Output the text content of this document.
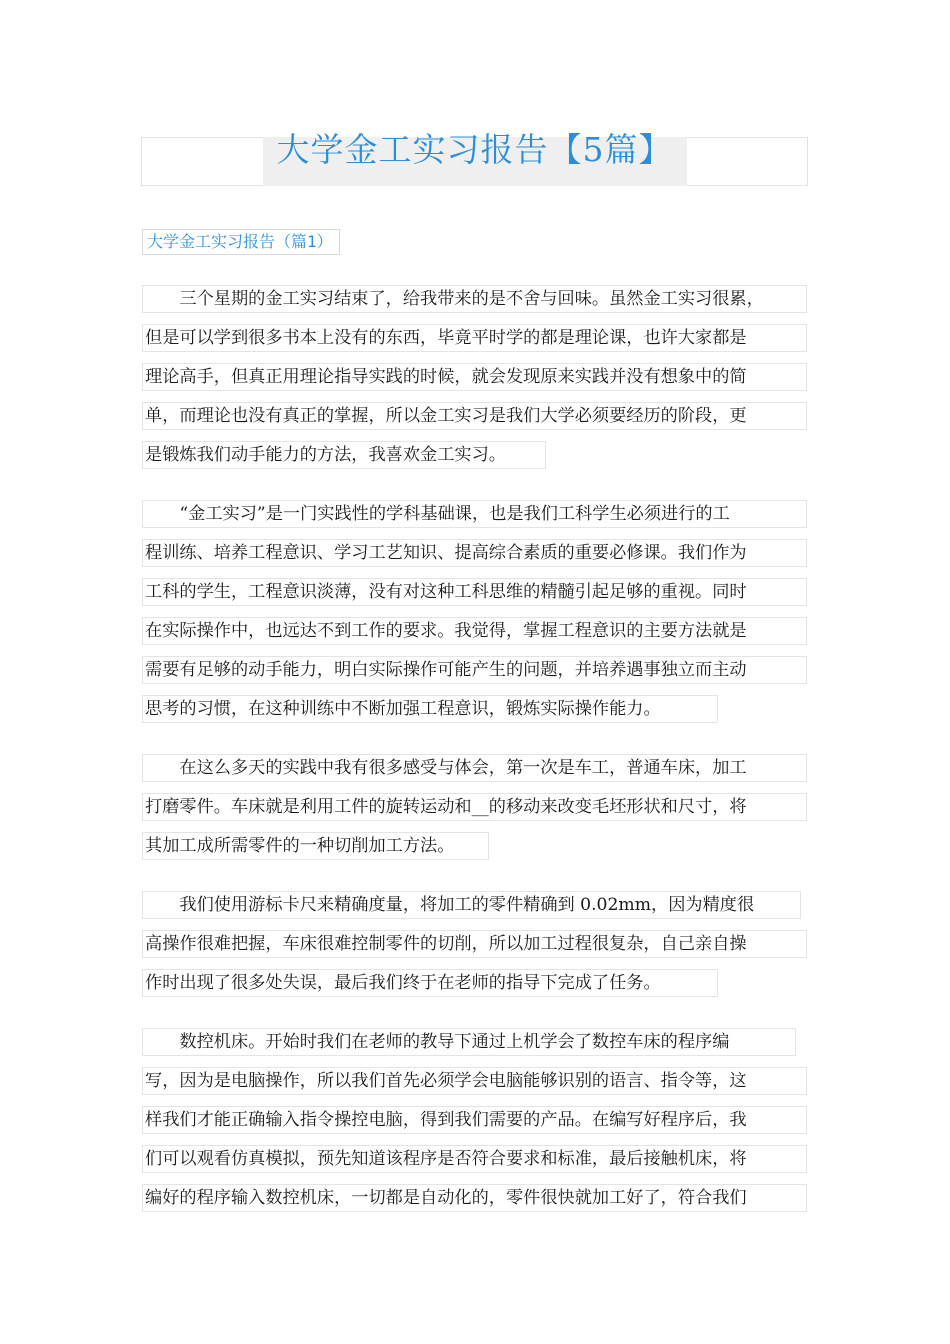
大学金工实习报告【5篇】
大学金工实习报告（篇1）
　　三个星期的金工实习结束了，给我带来的是不舍与回味。虽然金工实习很累，
但是可以学到很多书本上没有的东西，毕竟平时学的都是理论课，也许大家都是
理论高手，但真正用理论指导实践的时候，就会发现原来实践并没有想象中的简
单，而理论也没有真正的掌握，所以金工实习是我们大学必须要经历的阶段，更
是锻炼我们动手能力的方法，我喜欢金工实习。
　　“金工实习”是一门实践性的学科基础课，也是我们工科学生必须进行的工
程训练、培养工程意识、学习工艺知识、提高综合素质的重要必修课。我们作为
工科的学生，工程意识淡薄，没有对这种工科思维的精髓引起足够的重视。同时
在实际操作中，也远达不到工作的要求。我觉得，掌握工程意识的主要方法就是
需要有足够的动手能力，明白实际操作可能产生的问题，并培养遇事独立而主动
思考的习惯，在这种训练中不断加强工程意识，锻炼实际操作能力。
　　在这么多天的实践中我有很多感受与体会，第一次是车工，普通车床，加工
打磨零件。车床就是利用工件的旋转运动和__的移动来改变毛坯形状和尺寸，将
其加工成所需零件的一种切削加工方法。
　　我们使用游标卡尺来精确度量，将加工的零件精确到 0.02mm，因为精度很
高操作很难把握，车床很难控制零件的切削，所以加工过程很复杂，自己亲自操
作时出现了很多处失误，最后我们终于在老师的指导下完成了任务。
　　数控机床。开始时我们在老师的教导下通过上机学会了数控车床的程序编
写，因为是电脑操作，所以我们首先必须学会电脑能够识别的语言、指令等，这
样我们才能正确输入指令操控电脑，得到我们需要的产品。在编写好程序后，我
们可以观看仿真模拟，预先知道该程序是否符合要求和标准，最后接触机床，将
编好的程序输入数控机床，一切都是自动化的，零件很快就加工好了，符合我们
